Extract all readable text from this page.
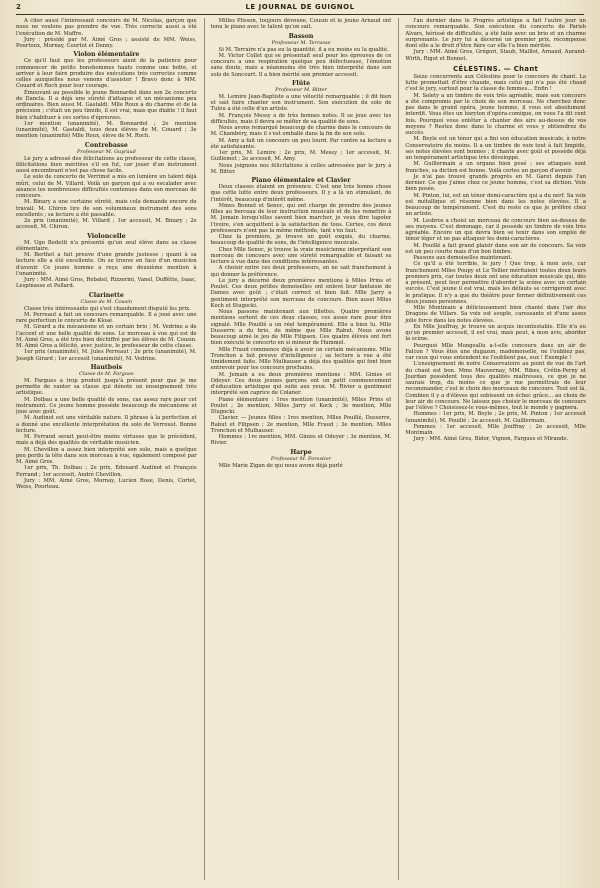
2	LE JOURNAL DE GUIGNOL

A citer aussi l'intéressant concours de M. Nicolas, garçon que nous ne voulons pas prendre de vue. Très correcte aussi a été l'exécution de M. Maffre.

Jury : présidé par M. Aimé Gros ; assisté de MM. Weiss, Pourtoux, Mornay, Courtot et Denny.

Violon élémentaire

Ce qu'il faut que les professeurs aient de la patience pour commencer de petits bonshommes hauts comme une botte, et arriver à leur faire produire des exécutions très correctes comme celles auxquelles nous venons d'assister ! Bravo donc à MM. Couard et Roch pour leur courage.

Émouvant au possible le jeune Bonnardel dans son 2e concerto de Dancla. Il a déjà une sûreté d'attaque et un mécanisme peu ordinaires. Bien aussi M. Gastaldi. Mlle Roux a du charme et de la précision ; c'était un peu timide, il est vrai, mais que diable ! il faut bien s'habituer à ces sortes d'épreuves.

1er mention (unanimité), M. Bonnardel ; 2e mention (unanimité), M. Gastaldi, tous deux élèves de M. Couard ; 3e mention (unanimité) Mlle Roux, élève de M. Roch.

Contrebasse
Professeur M. Guyraud

Le jury a adressé des félicitations au professeur de cette classe, félicitations bien méritées s'il en fut, car jouer d'un instrument aussi encombrant n'est pas chose facile.

Le solo de concerto de Verrimst a mis en lumière un talent déjà mûri, celui de M. Villard. Voilà un garçon qui a su escalader avec aisance les nombreuses difficultés contenues dans son morceau de concours.

M. Binary a une certaine sûreté, mais cela demande encore du travail. M. Chiron tire de son volumineux instrument des sons excellents ; sa lecture a été passable.

2e prix (unanimité), M. Villard ; 1er accessit, M. Binary ; 2e accessit, M. Chiron.

Violoncelle

M. Ugo Bedetti n'a présenté qu'un seul élève dans sa classe élémentaire.

M. Berthet a fait preuve d'une grande justesse ; quant à sa lecture elle a été excellente. On se trouve en face d'un musicien d'avenir. Ce jeune homme a reçu une deuxième mention à l'unanimité.

Jury : MM. Aimé Gros, Rebatel, Rizzerini, Vanel, Duffètte, Isaac, Lespinasse et Pallard.

Clarinette
Classe de M. Cousin

Classe très intéressante qui s'est chaudement disputé les prix.

M. Perreaut a fait un concours remarquable. Il a joué avec une rare perfection le concerto de Klosé.

M. Girard a du mécanisme et un certain brio ; M. Vedrine a de l'accent et une belle qualité de sons. Le morceau à vue qui est de M. Aimé Gros, a été très bien déchiffré par les élèves de M. Cousin. M. Aimé Gros a félicité, avec justice, le professeur de cette classe.

1er prix (unanimité), M. Jules Perreaut ; 2e prix (unanimité), M. Joseph Girard ; 1er accessit (unanimité), M. Vedrine.

Hautbois
Classe de M. Fargues

M. Fargues a trop produit jusqu'à présent pour que je me permette de vanter sa classe qui dénote un enseignement très artistique.

M. Dolbau a une belle qualité de sons, cas assez rare pour cet instrument. Ce jeune homme possède beaucoup de mécanisme et joue avec goût.

M. Audinot est une véritable nature. Il phrase à la perfection et a donné une excellente interprétation du solo de Verroust. Bonne lecture.

M. Ferrand serait peut-être moins virtuose que le précédent, mais a déjà des qualités de véritable musicien.

M. Chevillon a assez bien interprété son solo, mais a quelque peu perdu la tête dans son morceau à vue, également composé par M. Aimé Gros.

1er prix, Th. Dolbau ; 2e prix, Edouard Audinot et François Ferrand ; 1er accessit, André Chevillon.

Jury : MM. Aimé Gros, Mornay, Lucien Rose, Denis, Cortet, Weiss, Pourteau.

Milles Plisson, toujours dévouée, Cousin et le jeune Arnaud ont tenu le piano avec le talent qu'on sait.

Basson
Professeur M. Terrasse

Si M. Terraire n'a pas eu la quantité, il a eu moins eu la qualité.

M. Victor Collet qui se présentait seul pour les épreuves de ce concours a une respiration quelque peu défectueuse, l'émotion sans doute, mais a néanmoins été très bien interprété dans son solo de Soncourt. Il a bien mérité son premier accessit.

Flûte
Professeur M. Bitter

M. Lemire Jean-Baptiste a une vélocité remarquable ; il dit bien et sait faire chanter son instrument. Son exécution du solo de Tulou a été celle d'un artiste.

M. François Messy a de très bonnes notes. Il se joue avec les difficultés, mais il devra se méfier de sa qualité de sons.

Nous avons remarqué beaucoup de charme dans le concours de M. Chambéry, mais il s'est emballé dans la fin de son solo.

M. Amy a fait un concours un peu lourd. Par contre sa lecture a été satisfaisante.

1er prix, M. Lemire ; 2e prix, M. Messy ; 1er accessit, M. Guillemot ; 2e accessit, M. Amy.

Nous joignons nos félicitations à celles adressées par le jury à M. Bitter.

Piano élémentaire et Clavier

Deux classes étaient en présence. C'est une très bonne chose que cette lutte entre deux professeurs. Il y a là un stimulant, de l'intérêt, beaucoup d'intérêt même.

Mmes Bonnet et Senoc, qui ont charge de prendre des jeunes filles au berceau de leur instruction musicale et de les remettre à M. Jemain lorsqu'elles savent bien marcher, je veux dire tapoter l'ivoire, s'en acquittent à la satisfaction de tous. Certes, ces deux professeurs n'ont pas la même méthode, tant s'en faut.

Chez la première, je trouve un goût exquis, du charme, beaucoup de qualité de sons, de l'intelligence musicale.

Chez Mlle Senoc, je trouve la vraie musicienne interprétant son morceau de concours avec une sûreté remarquable et faisant sa lecture à vue dans des conditions intéressantes.

A choisir entre ces deux professeurs, on ne sait franchement à qui donner la préférence.

Le jury a décerné deux premières mentions à Mlles Prins et Poulet. Ces deux petites demoiselles ont enlevé leur fantaisie de Dames avec goût ; c'était correct et bien fait. Mlle Jarry a gentiment interprété son morceau de concours. Bien aussi Mlles Koch et Stugocki.

Nous passons maintenant aux fillettes. Quatre premières mentions sortent de ces deux classes, ces asses rare pour être signalé. Mlle Pouillé a un réel tempérament. Elle a bien lu. Mlle Dusserre a du brio, de même que Mlle Rabut. Nous avons beaucoup aimé le jeu de Mlle Filipsen. Ces quatre élèves ont fort bien exécuté le concerto en si mineur de Hummel.

Mlle Fraud commence déjà à avoir un certain mécanisme. Mlle Tronchon a fait preuve d'intelligence ; sa lecture à vue a été timidement faite. Mlle Mulhauser a déjà des qualités qui font bien entrevoir pour les concours prochains.

M. Jemain a eu deux premières mentions : MM. Ginies et Odeyer. Ces deux jeunes garçons ont un petit commencement d'éducation artistique qui suite aux yeux. M. Rivier a gentiment interprété son caprice de Colaner.

Piano élémentaire : 1res mention (unanimité), Mlles Prins et Poulet ; 2e mention, Mlles Jarry et Kock ; 3e mention, Mlle Stugocki.

Clavier. — Jeunes filles : 1res mention, Mlles Pouillé, Dusserre, Rabut et Filipsen ; 2e mention, Mlle Fraud ; 3e mention, Mlles Tronchon et Mulhauser.

Hommes : 1re mention, MM. Ginies et Odeyer ; 3e mention, M. Rivier.

Harpe
Professeur M. Forestier

Mlle Marie Zigan de qui nous avons déjà parlé

l'an dernier dans le Progrès artistique a fait l'autre jour un concours remarquable. Son exécution du concerto de Parish Alvars, hérissé de difficultés, a été faite avec un brio et un charme surprenants. Le jury lui a décerné un premier prix, récompense dont elle a le droit d'être fière car elle l'a bien méritée.

Jury : MM. Aimé Gros, Grégori, Staub, Maillot, Arnaud, Aurand-Wirth, Rigot et Bonnet.

CÉLESTINS. — Chant

Seize concurrents aux Célestins pour le concours de chant. La lutte promettait d'être chaude, mais celui qui n'a pas été chaud c'est le jury, surtout pour la classe de femmes... Enfin !

M. Solety a un timbre de voix très agréable, mais son concours a été compromis par le choix de son morceau. Ne cherchez donc pas dans le grand opéra, jeune homme, il vous est absolument interdit. Vous êtes un baryton d'opéra-comique, on vous l'a dit cent fois. Pourquoi vous entêter à chanter des airs au-dessus de vos moyens ? Restez donc dans le charme et vous y obtiendrez du succès.

M. Beyle est un ténor qui a fini son éducation musicale, à notre Conservatoire du moins. Il a un timbre de voix tout à fait limpide, ses notes élevées sont bonnes ; il chante avec goût et possède déjà un tempérament artistique très développé.

M. Guillermain a un organe bien posé ; ses attaques sont franches, sa diction est bonne. Voilà certes un garçon d'avenir.

Je n'ai pas trouvé grands progrès en M. Garet depuis l'an dernier. Ce que j'aime chez ce jeune homme, c'est sa diction. Voix bien posée.

M. Pinton, lui, est un ténor demi-caractère qui a du nerf. Sa voix est métallique et résonne bien dans les notes élevées. Il a beaucoup de tempérament. C'est du reste ce que je préfère chez un artiste.

M. Lesbros a choisi un morceau de concours bien au-dessus de ses moyens. C'est dommage, car il possède un timbre de voix très agréable. Encore un qui devra bien se tenir dans son emploi de ténor léger et ne pas attaquer les demi-caractères.

M. Pouillé a fait grand plaisir dans son air de concours. Sa voix est un peu courte mais d'un bon timbre.

Passons aux demoiselles maintenant.

Ce qu'il a été terrible, le jury ! Que trop, à mon avis, car franchement Mlles Poupy et Le Tellier méritaient toutes deux leurs premiers prix, car toutes deux ont une éducation musicale qui, dès à présent, peut leur permettre d'aborder la scène avec un certain succès. C'est jeune il est vrai, mais les défauts se corrigeront avec le pratique. Il n'y a que du théâtre pour former définitivement ces deux jeunes personnes.

Mlle Montmain a délicieusement bien chanté dans l'air des Dragons de Villars. Sa voix est souple, caressante et d'une assez jolie force dans les notes élevées.

En Mlle Jouffray, je trouve un acquis incontestable. Elle n'a eu qu'un premier accessit, il est vrai, mais peut, à mon avis, aborder la scène.

Pourquoi Mlle Mongeallu a-t-elle concouru dans un air de Falcon ? Vous êtes une dugazon, mademoiselle, ne l'oubliez pas, car ceux qui vous entendent ne l'oublient pas, eux ! Exemple !

L'enseignement de notre Conservatoire au point de vue de l'art du chant est bon. Mme Mauvernay, MM. Ribes, Crétin-Perny et Jourdan possèdent tous des qualités maîtresses, ce que je ne saurais trop, du moins ce que je me permettrais de leur recommander, c'est le choix des morceaux de concours. Tout est là. Combien il y a d'élèves qui subissent un échec grâce... au choix de leur air de concours. Ne laissez pas choisir le morceau de concours par l'élève ? Choisissez-le vous-mêmes, tout le monde y gagnera.

Hommes : 1er prix, M. Beyle ; 2e prix, M. Pinton ; 1er accessit (unanimité), M. Pouillé ; 2e accessit, M. Guillermain.

Femmes : 1er accessit, Mlle Jouffray ; 2e accessit, Mlle Montmain.

Jury : MM. Aimé Gros, Bidor, Vignon, Fargues et Mirande.
